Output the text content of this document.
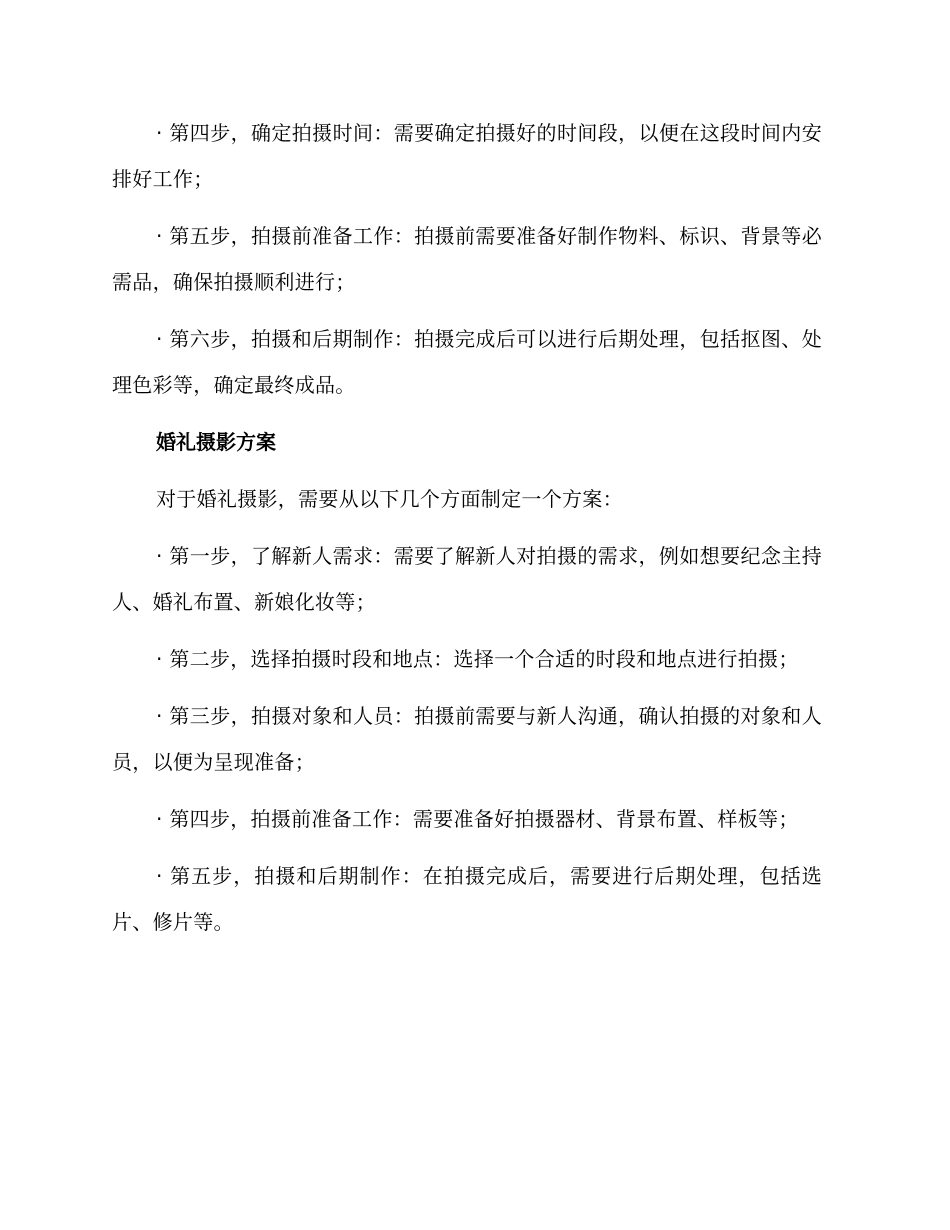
· 第四步，确定拍摄时间：需要确定拍摄好的时间段，以便在这段时间内安排好工作；

· 第五步，拍摄前准备工作：拍摄前需要准备好制作物料、标识、背景等必需品，确保拍摄顺利进行；

· 第六步，拍摄和后期制作：拍摄完成后可以进行后期处理，包括抠图、处理色彩等，确定最终成品。

婚礼摄影方案

对于婚礼摄影，需要从以下几个方面制定一个方案：

· 第一步，了解新人需求：需要了解新人对拍摄的需求，例如想要纪念主持人、婚礼布置、新娘化妆等；

· 第二步，选择拍摄时段和地点：选择一个合适的时段和地点进行拍摄；

· 第三步，拍摄对象和人员：拍摄前需要与新人沟通，确认拍摄的对象和人员，以便为呈现准备；

· 第四步，拍摄前准备工作：需要准备好拍摄器材、背景布置、样板等；

· 第五步，拍摄和后期制作：在拍摄完成后，需要进行后期处理，包括选片、修片等。
